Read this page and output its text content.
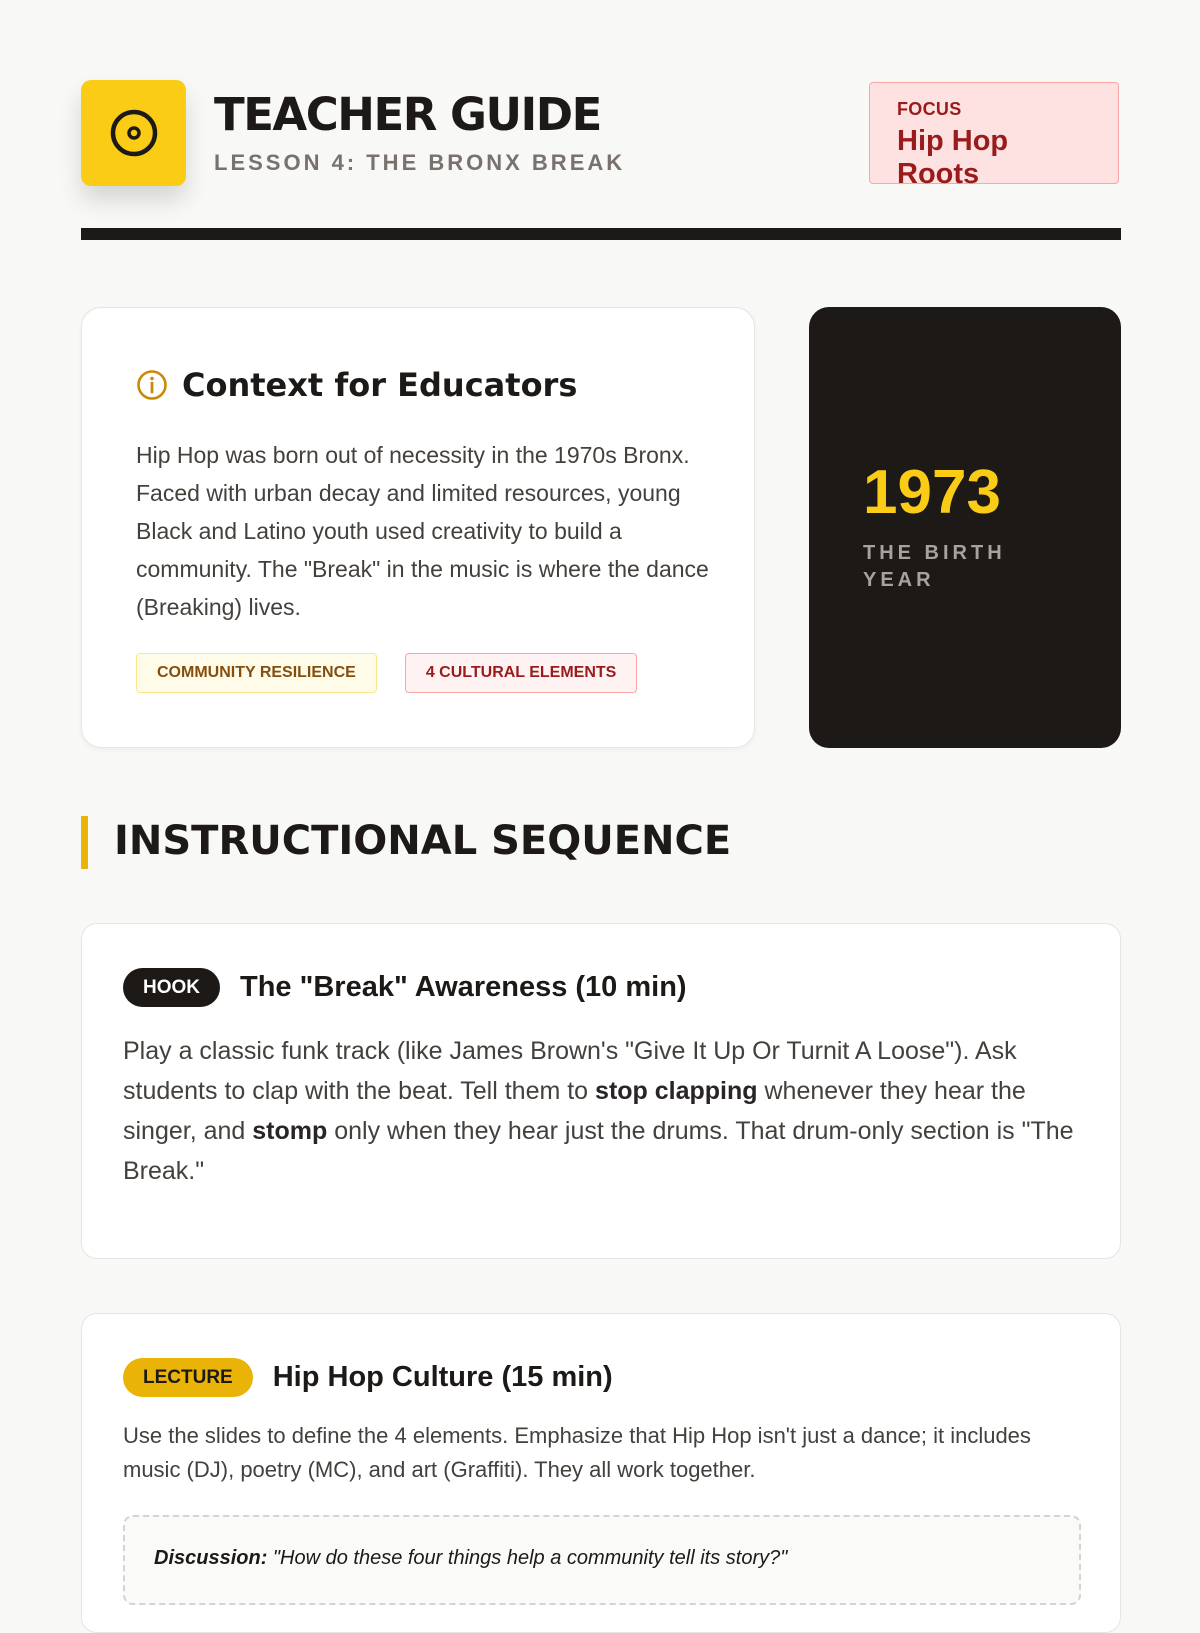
TEACHER GUIDE
LESSON 4: THE BRONX BREAK
FOCUS
Hip Hop Roots
Context for Educators

Hip Hop was born out of necessity in the 1970s Bronx. Faced with urban decay and limited resources, young Black and Latino youth used creativity to build a community. The "Break" in the music is where the dance (Breaking) lives.

COMMUNITY RESILIENCE	4 CULTURAL ELEMENTS
1973
THE BIRTH YEAR
INSTRUCTIONAL SEQUENCE
HOOK	The "Break" Awareness (10 min)

Play a classic funk track (like James Brown's "Give It Up Or Turnit A Loose"). Ask students to clap with the beat. Tell them to stop clapping whenever they hear the singer, and stomp only when they hear just the drums. That drum-only section is "The Break."

LECTURE	Hip Hop Culture (15 min)

Use the slides to define the 4 elements. Emphasize that Hip Hop isn't just a dance; it includes music (DJ), poetry (MC), and art (Graffiti). They all work together.

Discussion: "How do these four things help a community tell its story?"
